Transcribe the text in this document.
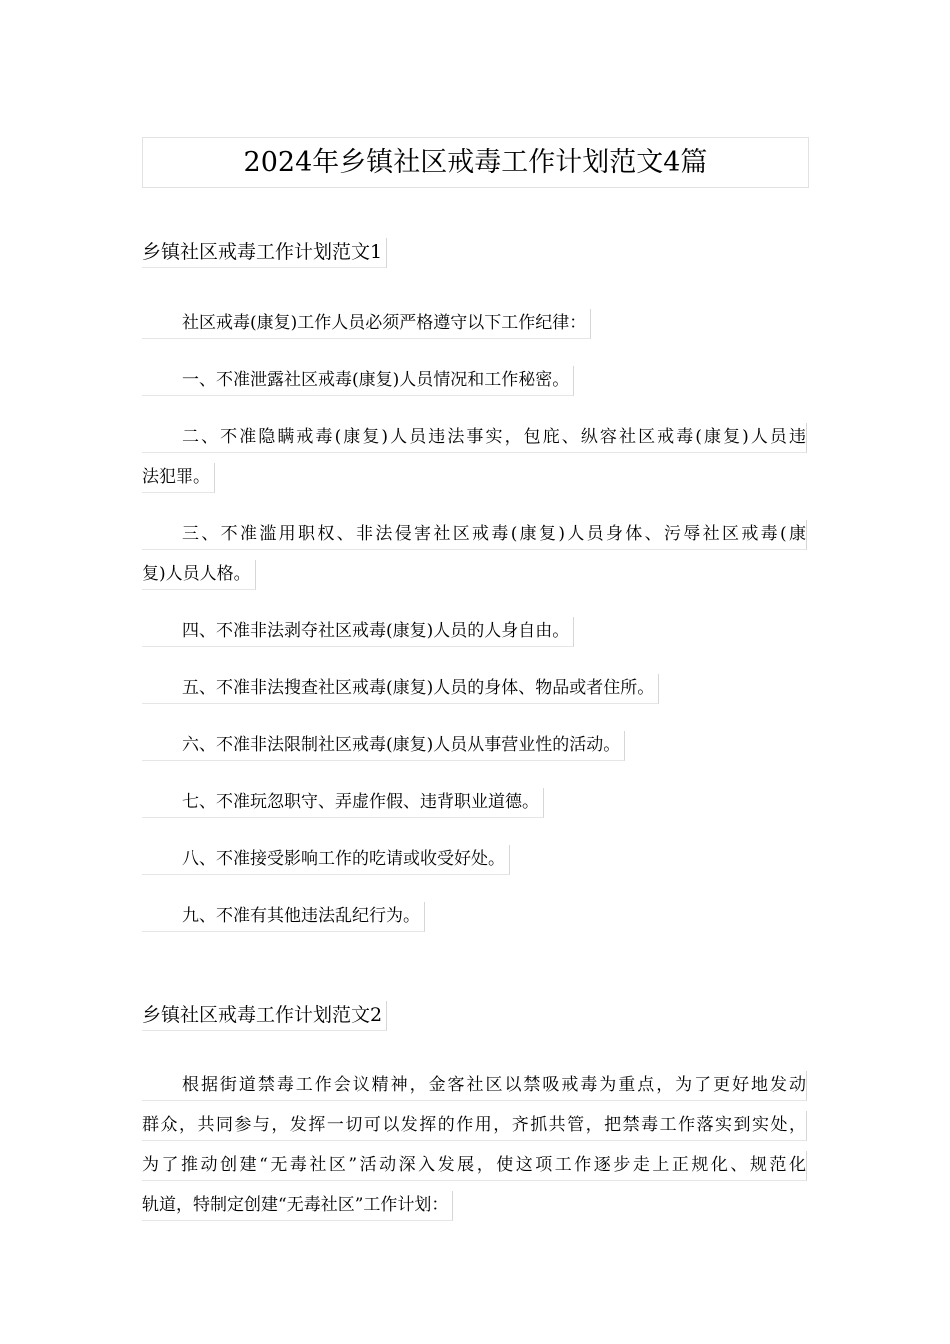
2024年乡镇社区戒毒工作计划范文4篇
乡镇社区戒毒工作计划范文1
社区戒毒(康复)工作人员必须严格遵守以下工作纪律：
一、不准泄露社区戒毒(康复)人员情况和工作秘密。
二、不准隐瞒戒毒(康复)人员违法事实，包庇、纵容社区戒毒(康复)人员违
法犯罪。
三、不准滥用职权、非法侵害社区戒毒(康复)人员身体、污辱社区戒毒(康
复)人员人格。
四、不准非法剥夺社区戒毒(康复)人员的人身自由。
五、不准非法搜查社区戒毒(康复)人员的身体、物品或者住所。
六、不准非法限制社区戒毒(康复)人员从事营业性的活动。
七、不准玩忽职守、弄虚作假、违背职业道德。
八、不准接受影响工作的吃请或收受好处。
九、不准有其他违法乱纪行为。
乡镇社区戒毒工作计划范文2
根据街道禁毒工作会议精神，金客社区以禁吸戒毒为重点，为了更好地发动
群众，共同参与，发挥一切可以发挥的作用，齐抓共管，把禁毒工作落实到实处，
为了推动创建“无毒社区”活动深入发展，使这项工作逐步走上正规化、规范化
轨道，特制定创建“无毒社区”工作计划：
